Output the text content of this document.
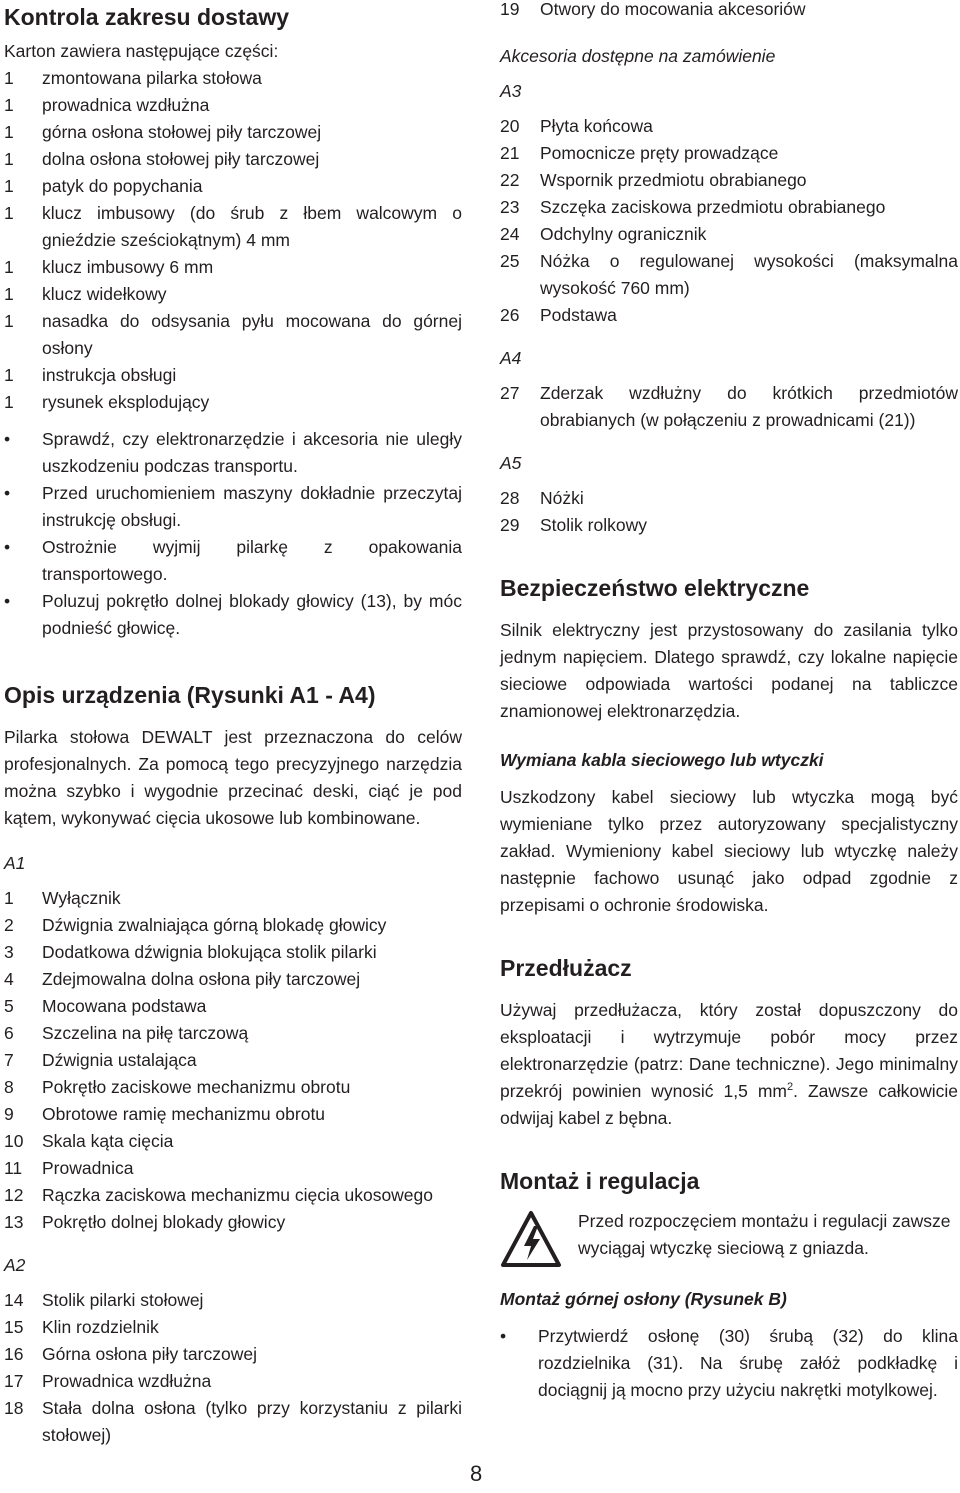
Kontrola zakresu dostawy

Karton zawiera następujące części:

1	zmontowana pilarka stołowa
1	prowadnica wzdłużna
1	górna osłona stołowej piły tarczowej
1	dolna osłona stołowej piły tarczowej
1	patyk do popychania
1	klucz imbusowy (do śrub z łbem walcowym o gnieździe sześciokątnym) 4 mm
1	klucz imbusowy 6 mm
1	klucz widełkowy
1	nasadka do odsysania pyłu mocowana do górnej osłony
1	instrukcja obsługi
1	rysunek eksplodujący
•	Sprawdź, czy elektronarzędzie i akcesoria nie uległy uszkodzeniu podczas transportu.
•	Przed uruchomieniem maszyny dokładnie przeczytaj instrukcję obsługi.
•	Ostrożnie wyjmij pilarkę z opakowania transportowego.
•	Poluzuj pokrętło dolnej blokady głowicy (13), by móc podnieść głowicę.
Opis urządzenia (Rysunki A1 - A4)

Pilarka stołowa DEWALT jest przeznaczona do celów profesjonalnych. Za pomocą tego precyzyjnego narzędzia można szybko i wygodnie przecinać deski, ciąć je pod kątem, wykonywać cięcia ukosowe lub kombinowane.

A1

1	Wyłącznik
2	Dźwignia zwalniająca górną blokadę głowicy
3	Dodatkowa dźwignia blokująca stolik pilarki
4	Zdejmowalna dolna osłona piły tarczowej
5	Mocowana podstawa
6	Szczelina na piłę tarczową
7	Dźwignia ustalająca
8	Pokrętło zaciskowe mechanizmu obrotu
9	Obrotowe ramię mechanizmu obrotu
10	Skala kąta cięcia
11	Prowadnica
12	Rączka zaciskowa mechanizmu cięcia ukosowego
13	Pokrętło dolnej blokady głowicy

A2

14	Stolik pilarki stołowej
15	Klin rozdzielnik
16	Górna osłona piły tarczowej
17	Prowadnica wzdłużna
18	Stała dolna osłona (tylko przy korzystaniu z pilarki stołowej)
19	Otwory do mocowania akcesoriów

Akcesoria dostępne na zamówienie

A3

20	Płyta końcowa
21	Pomocnicze pręty prowadzące
22	Wspornik przedmiotu obrabianego
23	Szczęka zaciskowa przedmiotu obrabianego
24	Odchylny ogranicznik
25	Nóżka o regulowanej wysokości (maksymalna wysokość 760 mm)
26	Podstawa

A4

27	Zderzak wzdłużny do krótkich przedmiotów obrabianych (w połączeniu z prowadnicami (21))

A5

28	Nóżki
29	Stolik rolkowy
Bezpieczeństwo elektryczne

Silnik elektryczny jest przystosowany do zasilania tylko jednym napięciem. Dlatego sprawdź, czy lokalne napięcie sieciowe odpowiada wartości podanej na tabliczce znamionowej elektronarzędzia.

Wymiana kabla sieciowego lub wtyczki

Uszkodzony kabel sieciowy lub wtyczka mogą być wymieniane tylko przez autoryzowany specjalistyczny zakład. Wymieniony kabel sieciowy lub wtyczkę należy następnie fachowo usunąć jako odpad zgodnie z przepisami o ochronie środowiska.

Przedłużacz

Używaj przedłużacza, który został dopuszczony do eksploatacji i wytrzymuje pobór mocy przez elektronarzędzie (patrz: Dane techniczne). Jego minimalny przekrój powinien wynosić 1,5 $mm^2$. Zawsze całkowicie odwijaj kabel z bębna.

Montaż i regulacja

Przed rozpoczęciem montażu i regulacji zawsze wyciągaj wtyczkę sieciową z gniazda.

Montaż górnej osłony (Rysunek B)

•	Przytwierdź osłonę (30) śrubą (32) do klina rozdzielnika (31). Na śrubę załóż podkładkę i dociągnij ją mocno przy użyciu nakrętki motylkowej.
8
